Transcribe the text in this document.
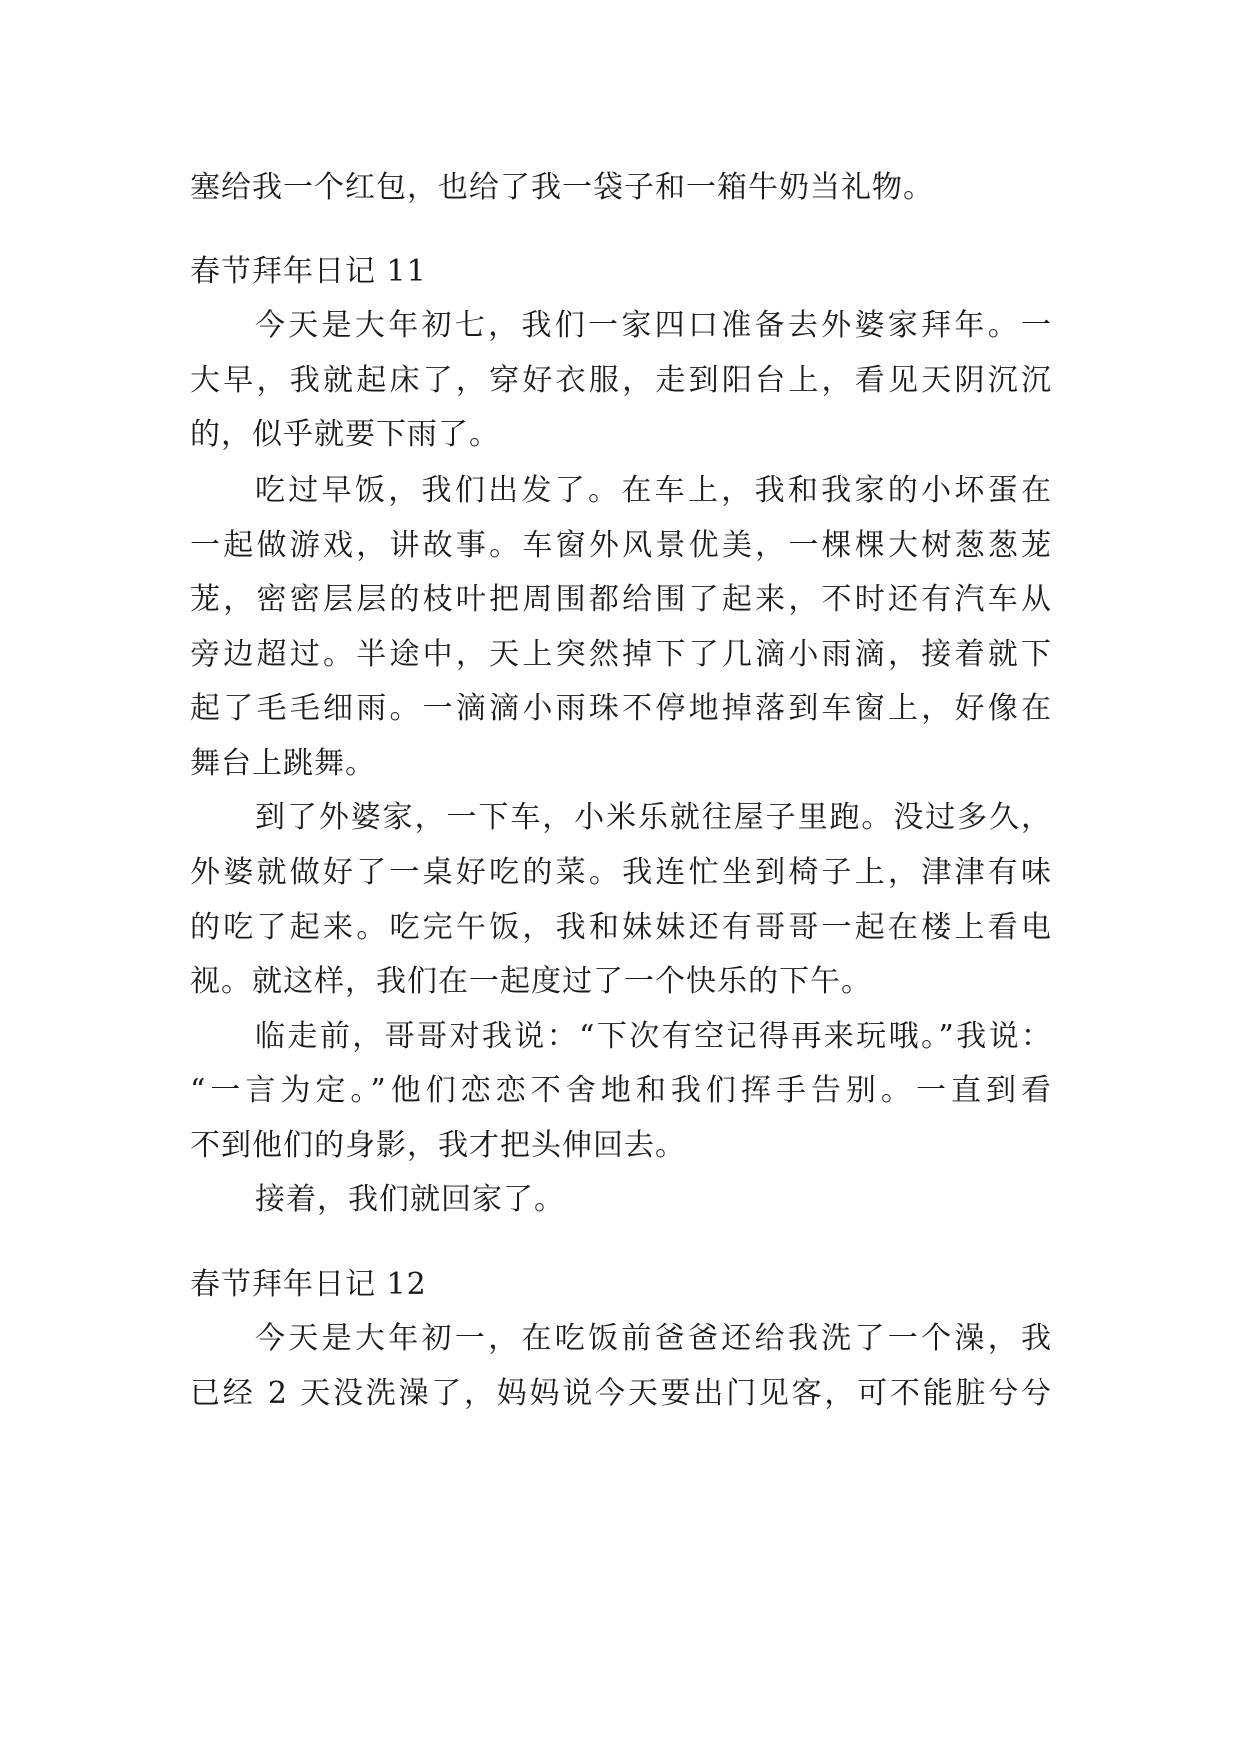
塞给我一个红包，也给了我一袋子和一箱牛奶当礼物。
春节拜年日记 11
今天是大年初七，我们一家四口准备去外婆家拜年。一
大早，我就起床了，穿好衣服，走到阳台上，看见天阴沉沉
的，似乎就要下雨了。
吃过早饭，我们出发了。在车上，我和我家的小坏蛋在
一起做游戏，讲故事。车窗外风景优美，一棵棵大树葱葱茏
茏，密密层层的枝叶把周围都给围了起来，不时还有汽车从
旁边超过。半途中，天上突然掉下了几滴小雨滴，接着就下
起了毛毛细雨。一滴滴小雨珠不停地掉落到车窗上，好像在
舞台上跳舞。
到了外婆家，一下车，小米乐就往屋子里跑。没过多久，
外婆就做好了一桌好吃的菜。我连忙坐到椅子上，津津有味
的吃了起来。吃完午饭，我和妹妹还有哥哥一起在楼上看电
视。就这样，我们在一起度过了一个快乐的下午。
临走前，哥哥对我说：“下次有空记得再来玩哦。”我说：
“一言为定。”他们恋恋不舍地和我们挥手告别。一直到看
不到他们的身影，我才把头伸回去。
接着，我们就回家了。
春节拜年日记 12
今天是大年初一，在吃饭前爸爸还给我洗了一个澡，我
已经 2 天没洗澡了，妈妈说今天要出门见客，可不能脏兮兮
